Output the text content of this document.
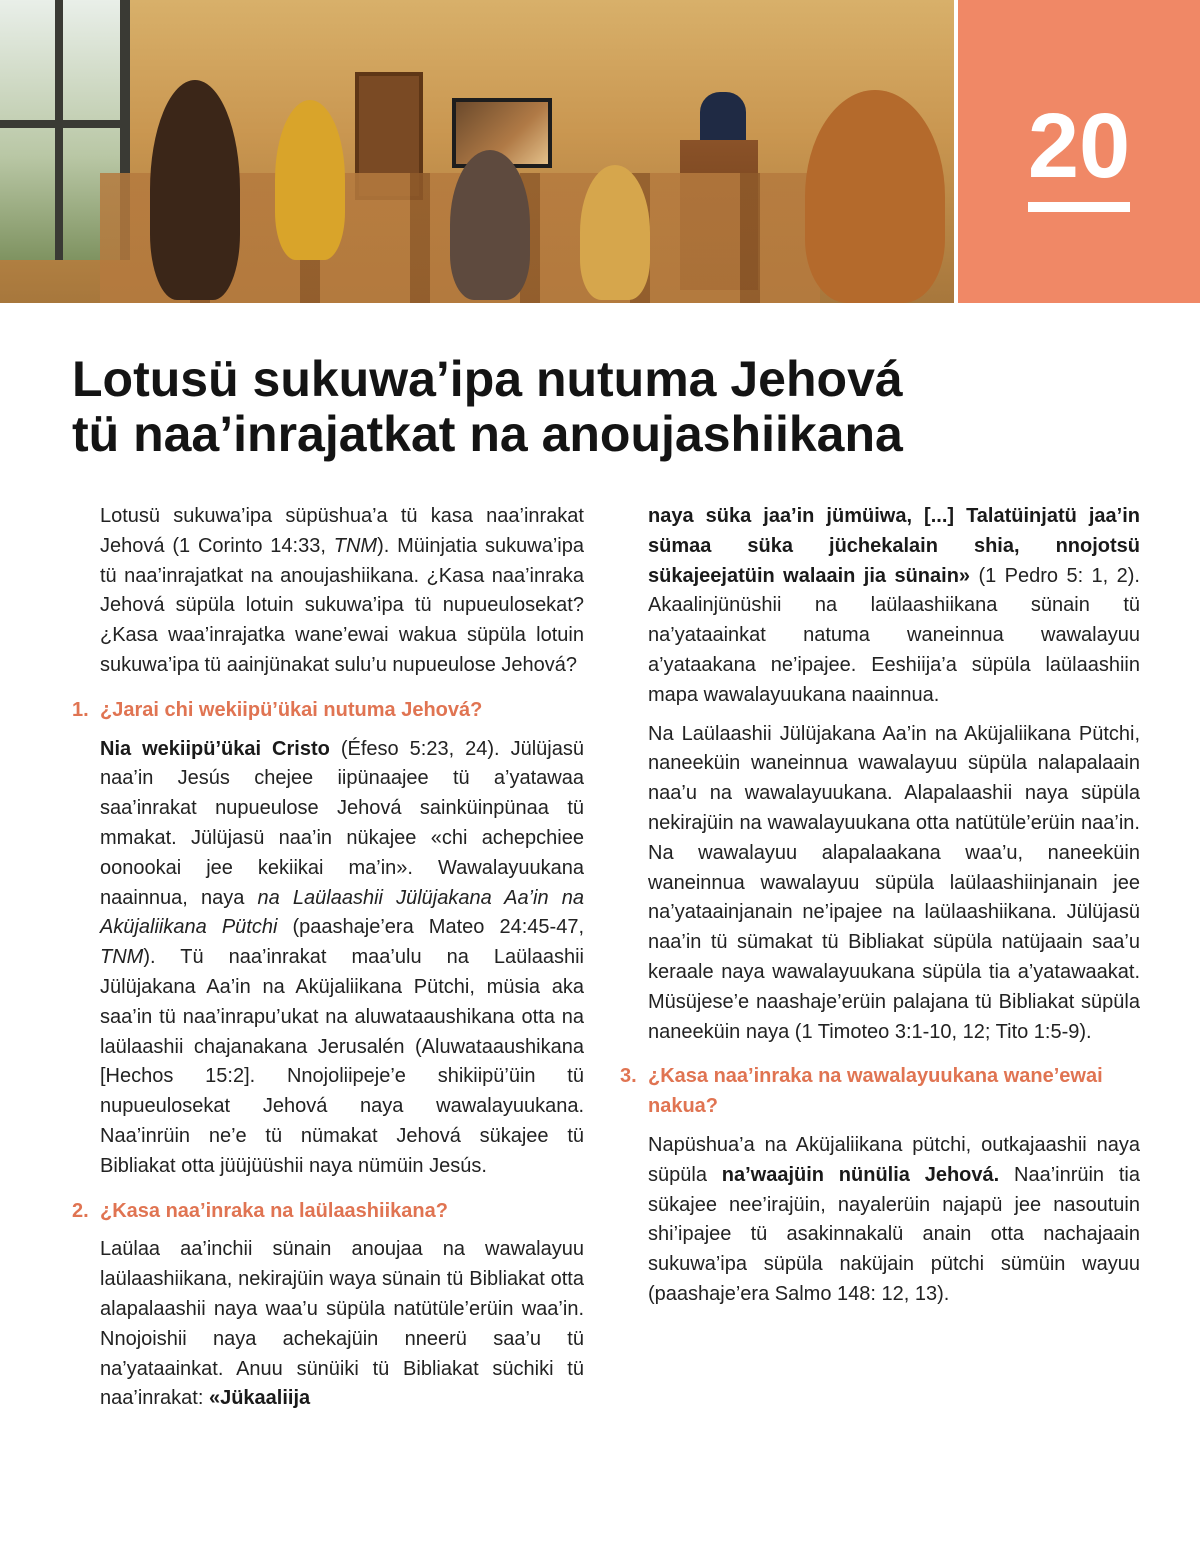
20
Lotusü sukuwa’ipa nutuma Jehová
tü naa’inrajatkat na anoujashiikana

Lotusü sukuwa’ipa süpüshua’a tü kasa naa’inrakat Jehová (1 Corinto 14:33, TNM). Müinjatia sukuwa’ipa tü naa’inrajatkat na anoujashiikana. ¿Kasa naa’inraka Jehová süpüla lotuin sukuwa’ipa tü nupueulosekat? ¿Kasa waa’inrajatka wane’ewai wakua süpüla lotuin sukuwa’ipa tü aainjünakat sulu’u nupueulose Jehová?

1. ¿Jarai chi wekiipü’ükai nutuma Jehová?

Nia wekiipü’ükai Cristo (Éfeso 5:23, 24). Jülüjasü naa’in Jesús chejee iipünaajee tü a’yatawaa saa’inrakat nupueulose Jehová sainküinpünaa tü mmakat. Jülüjasü naa’in nükajee «chi achepchiee oonookai jee kekiikai ma’in». Wawalayuukana naainnua, naya na Laülaashii Jülüjakana Aa’in na Aküjaliikana Pütchi (paashaje’era Mateo 24:45-47, TNM). Tü naa’inrakat maa’ulu na Laülaashii Jülüjakana Aa’in na Aküjaliikana Pütchi, müsia aka saa’in tü naa’inrapu’ukat na aluwataaushikana otta na laülaashii chajanakana Jerusalén (Aluwataaushikana [Hechos 15:2]. Nnojoliipeje’e shikiipü’üin tü nupueulosekat Jehová naya wawalayuukana. Naa’inrüin ne’e tü nümakat Jehová sükajee tü Bibliakat otta jüüjüüshii naya nümüin Jesús.

2. ¿Kasa naa’inraka na laülaashiikana?

Laülaa aa’inchii sünain anoujaa na wawalayuu laülaashiikana, nekirajüin waya sünain tü Bibliakat otta alapalaashii naya waa’u süpüla natütüle’erüin waa’in. Nnojoishii naya achekajüin nneerü saa’u tü na’yataainkat. Anuu sünüiki tü Bibliakat süchiki tü naa’inrakat: «Jükaaliija

naya süka jaa’in jümüiwa, [...] Talatüinjatü jaa’in sümaa süka jüchekalain shia, nnojotsü sükajeejatüin walaain jia sünain» (1 Pedro 5: 1, 2). Akaalinjünüshii na laülaashiikana sünain tü na’yataainkat natuma waneinnua wawalayuu a’yataakana ne’ipajee. Eeshiija’a süpüla laülaashiin mapa wawalayuukana naainnua.

Na Laülaashii Jülüjakana Aa’in na Aküjaliikana Pütchi, naneeküin waneinnua wawalayuu süpüla nalapalaain naa’u na wawalayuukana. Alapalaashii naya süpüla nekirajüin na wawalayuukana otta natütüle’erüin naa’in. Na wawalayuu alapalaakana waa’u, naneeküin waneinnua wawalayuu süpüla laülaashiinjanain jee na’yataainjanain ne’ipajee na laülaashiikana. Jülüjasü naa’in tü sümakat tü Bibliakat süpüla natüjaain saa’u keraale naya wawalayuukana süpüla tia a’yatawaakat. Müsüjese’e naashaje’erüin palajana tü Bibliakat süpüla naneeküin naya (1 Timoteo 3:1-10, 12; Tito 1:5-9).

3. ¿Kasa naa’inraka na wawalayuukana wane’ewai nakua?

Napüshua’a na Aküjaliikana pütchi, outkajaashii naya süpüla na’waajüin nünülia Jehová. Naa’inrüin tia sükajee nee’irajüin, nayalerüin najapü jee nasoutuin shi’ipajee tü asakinnakalü anain otta nachajaain sukuwa’ipa süpüla naküjain pütchi sümüin wayuu (paashaje’era Salmo 148: 12, 13).
